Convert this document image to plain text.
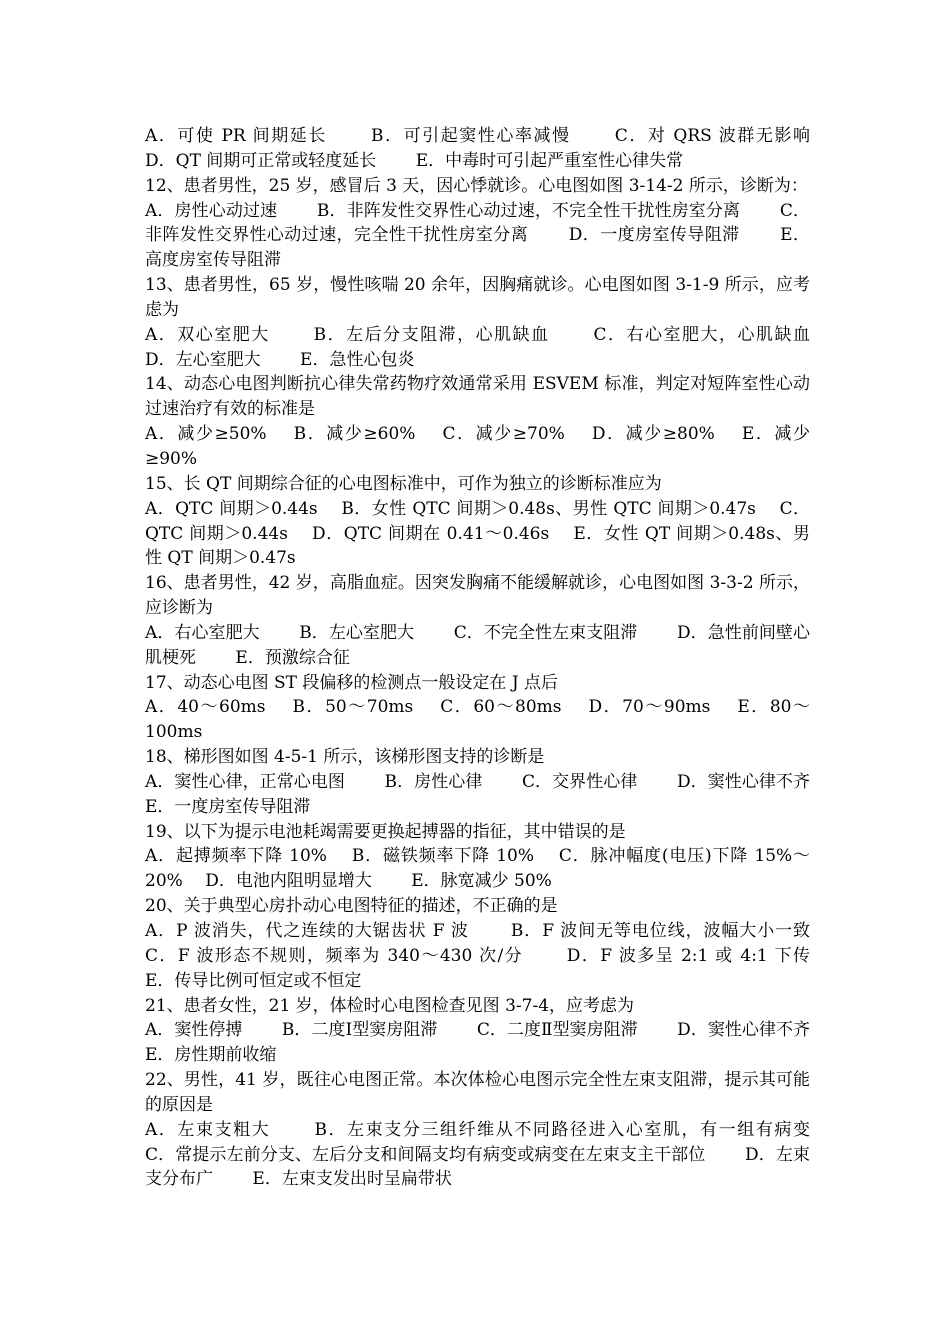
A．可使 PR 间期延长　　 B．可引起窦性心率减慢　　 C．对 QRS 波群无影响　　 D．QT 间期可正常或轻度延长　　 E．中毒时可引起严重室性心律失常

12、患者男性，25 岁，感冒后 3 天，因心悸就诊。心电图如图 3-14-2 所示，诊断为：

A．房性心动过速　　 B．非阵发性交界性心动过速，不完全性干扰性房室分离　　 C．非阵发性交界性心动过速，完全性干扰性房室分离　　 D．一度房室传导阻滞　　 E．高度房室传导阻滞

13、患者男性，65 岁，慢性咳喘 20 余年，因胸痛就诊。心电图如图 3-1-9 所示，应考虑为

A．双心室肥大　　 B．左后分支阻滞，心肌缺血　　 C．右心室肥大，心肌缺血　　 D．左心室肥大　　 E．急性心包炎

14、动态心电图判断抗心律失常药物疗效通常采用 ESVEM 标准，判定对短阵室性心动过速治疗有效的标准是

A．减少≥50%　 B．减少≥60%　 C．减少≥70%　 D．减少≥80%　 E．减少≥90%

15、长 QT 间期综合征的心电图标准中，可作为独立的诊断标准应为

A．QTC 间期＞0.44s　 B．女性 QTC 间期＞0.48s、男性 QTC 间期＞0.47s　 C．QTC 间期＞0.44s　 D．QTC 间期在 0.41～0.46s　 E．女性 QT 间期＞0.48s、男性 QT 间期＞0.47s

16、患者男性，42 岁，高脂血症。因突发胸痛不能缓解就诊，心电图如图 3-3-2 所示，应诊断为

A．右心室肥大　　 B．左心室肥大　　 C．不完全性左束支阻滞　　 D．急性前间壁心肌梗死　　 E．预激综合征

17、动态心电图 ST 段偏移的检测点一般设定在 J 点后

A．40～60ms　 B．50～70ms　 C．60～80ms　 D．70～90ms　 E．80～100ms

18、梯形图如图 4-5-1 所示，该梯形图支持的诊断是

A．窦性心律，正常心电图　　 B．房性心律　　 C．交界性心律　　 D．窦性心律不齐　　 E．一度房室传导阻滞

19、以下为提示电池耗竭需要更换起搏器的指征，其中错误的是

A．起搏频率下降 10%　 B．磁铁频率下降 10%　 C．脉冲幅度(电压)下降 15%～20%　 D．电池内阻明显增大　　 E．脉宽减少 50%

20、关于典型心房扑动心电图特征的描述，不正确的是

A．P 波消失，代之连续的大锯齿状 F 波　　 B．F 波间无等电位线，波幅大小一致　　 C．F 波形态不规则，频率为 340～430 次/分　　 D．F 波多呈 2:1 或 4:1 下传　　 E．传导比例可恒定或不恒定

21、患者女性，21 岁，体检时心电图检查见图 3-7-4，应考虑为

A．窦性停搏　　 B．二度Ⅰ型窦房阻滞　　 C．二度Ⅱ型窦房阻滞　　 D．窦性心律不齐　 E．房性期前收缩

22、男性，41 岁，既往心电图正常。本次体检心电图示完全性左束支阻滞，提示其可能的原因是

A．左束支粗大　　 B．左束支分三组纤维从不同路径进入心室肌，有一组有病变　　 C．常提示左前分支、左后分支和间隔支均有病变或病变在左束支主干部位　　 D．左束支分布广　　 E．左束支发出时呈扁带状
